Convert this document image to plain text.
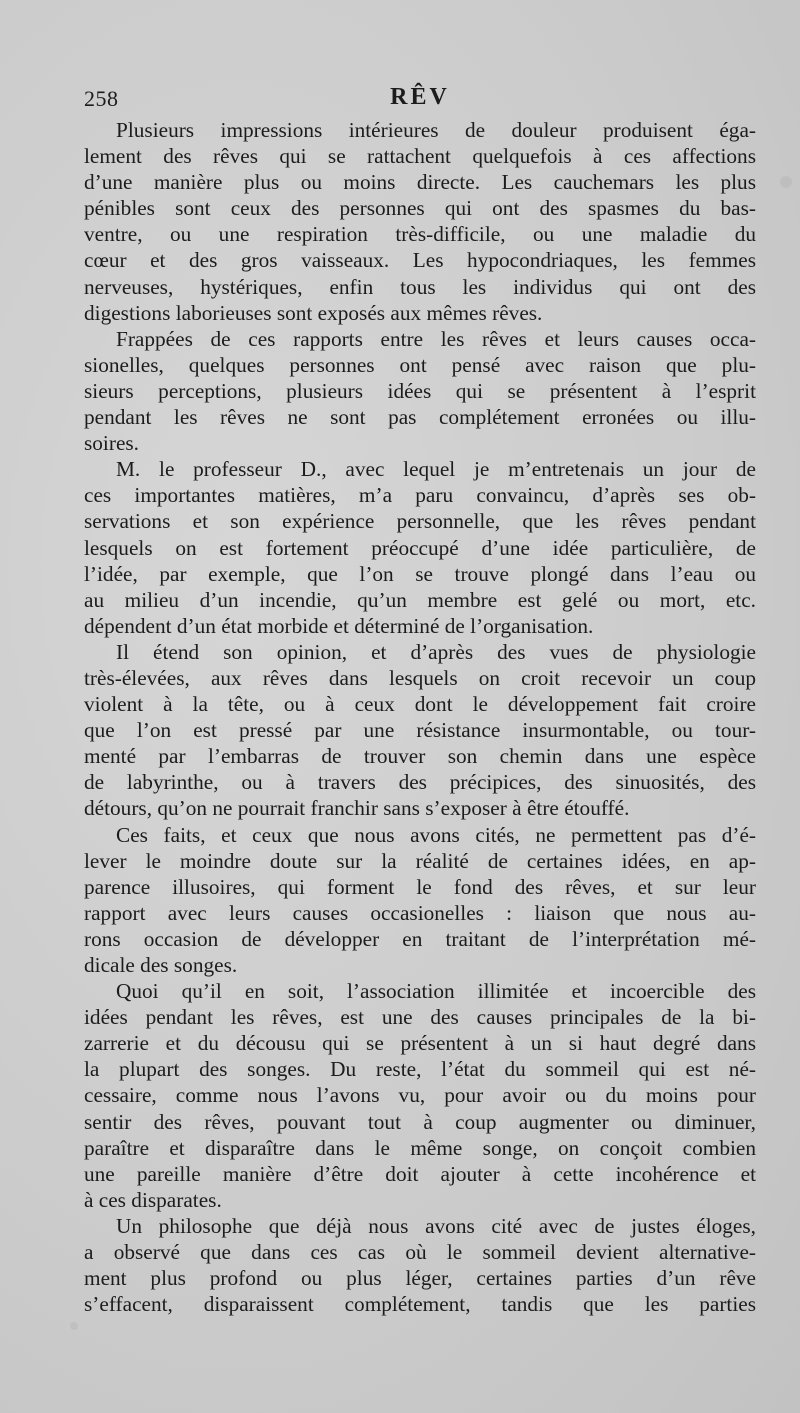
258	RÊV
Plusieurs impressions intérieures de douleur produisent éga-
lement des rêves qui se rattachent quelquefois à ces affections
d’une manière plus ou moins directe. Les cauchemars les plus
pénibles sont ceux des personnes qui ont des spasmes du bas-
ventre, ou une respiration très-difficile, ou une maladie du
cœur et des gros vaisseaux. Les hypocondriaques, les femmes
nerveuses, hystériques, enfin tous les individus qui ont des
digestions laborieuses sont exposés aux mêmes rêves.
Frappées de ces rapports entre les rêves et leurs causes occa-
sionelles, quelques personnes ont pensé avec raison que plu-
sieurs perceptions, plusieurs idées qui se présentent à l’esprit
pendant les rêves ne sont pas complétement erronées ou illu-
soires.
M. le professeur D., avec lequel je m’entretenais un jour de
ces importantes matières, m’a paru convaincu, d’après ses ob-
servations et son expérience personnelle, que les rêves pendant
lesquels on est fortement préoccupé d’une idée particulière, de
l’idée, par exemple, que l’on se trouve plongé dans l’eau ou
au milieu d’un incendie, qu’un membre est gelé ou mort, etc.
dépendent d’un état morbide et déterminé de l’organisation.
Il étend son opinion, et d’après des vues de physiologie
très-élevées, aux rêves dans lesquels on croit recevoir un coup
violent à la tête, ou à ceux dont le développement fait croire
que l’on est pressé par une résistance insurmontable, ou tour-
menté par l’embarras de trouver son chemin dans une espèce
de labyrinthe, ou à travers des précipices, des sinuosités, des
détours, qu’on ne pourrait franchir sans s’exposer à être étouffé.
Ces faits, et ceux que nous avons cités, ne permettent pas d’é-
lever le moindre doute sur la réalité de certaines idées, en ap-
parence illusoires, qui forment le fond des rêves, et sur leur
rapport avec leurs causes occasionelles : liaison que nous au-
rons occasion de développer en traitant de l’interprétation mé-
dicale des songes.
Quoi qu’il en soit, l’association illimitée et incoercible des
idées pendant les rêves, est une des causes principales de la bi-
zarrerie et du décousu qui se présentent à un si haut degré dans
la plupart des songes. Du reste, l’état du sommeil qui est né-
cessaire, comme nous l’avons vu, pour avoir ou du moins pour
sentir des rêves, pouvant tout à coup augmenter ou diminuer,
paraître et disparaître dans le même songe, on conçoit combien
une pareille manière d’être doit ajouter à cette incohérence et
à ces disparates.
Un philosophe que déjà nous avons cité avec de justes éloges,
a observé que dans ces cas où le sommeil devient alternative-
ment plus profond ou plus léger, certaines parties d’un rêve
s’effacent, disparaissent complétement, tandis que les parties
